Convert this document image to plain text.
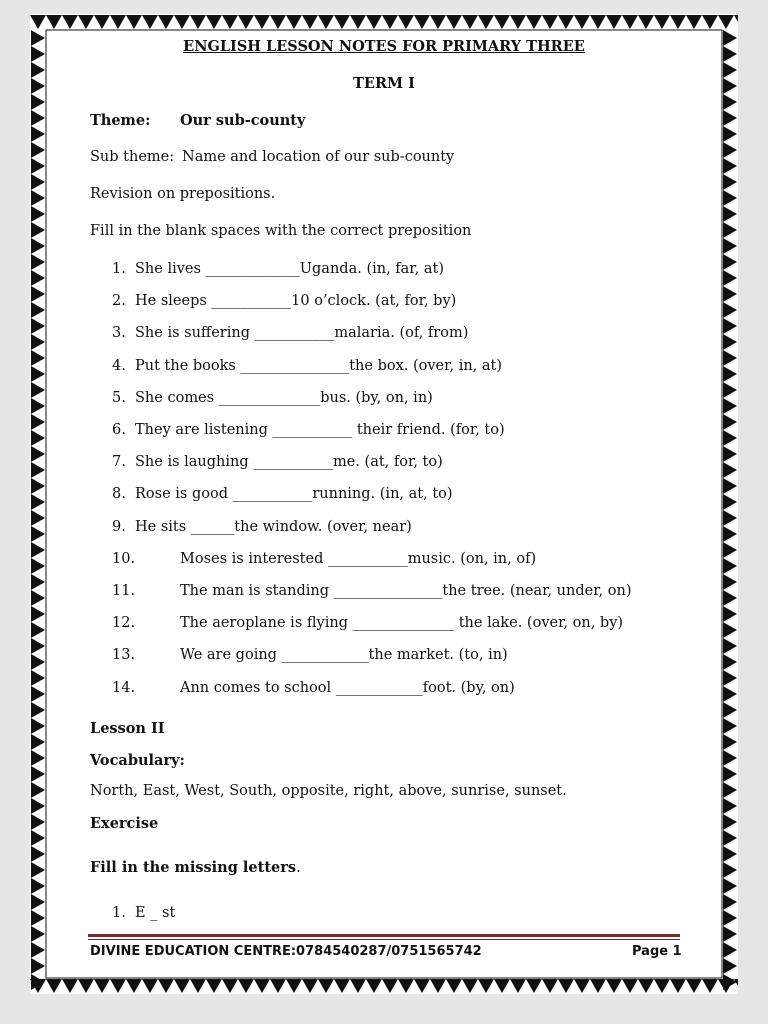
ENGLISH LESSON NOTES FOR PRIMARY THREE
TERM I
Theme: Our sub-county
Sub theme: Name and location of our sub-county
Revision on prepositions.
Fill in the blank spaces with the correct preposition
1. She lives _____________Uganda. (in, far, at)
2. He sleeps ___________10 o’clock. (at, for, by)
3. She is suffering ___________malaria. (of, from)
4. Put the books _______________the box. (over, in, at)
5. She comes ______________bus. (by, on, in)
6. They are listening ___________ their friend. (for, to)
7. She is laughing ___________me. (at, for, to)
8. Rose is good ___________running. (in, at, to)
9. He sits ______the window. (over, near)
10.	Moses is interested ___________music. (on, in, of)
11.	The man is standing _______________the tree. (near, under, on)
12.	The aeroplane is flying ______________ the lake. (over, on, by)
13.	We are going ____________the market. (to, in)
14.	Ann comes to school ____________foot. (by, on)
Lesson II
Vocabulary:
North, East, West, South, opposite, right, above, sunrise, sunset.
Exercise
Fill in the missing letters.
1. E _ st
DIVINE EDUCATION CENTRE:0784540287/0751565742	Page 1
